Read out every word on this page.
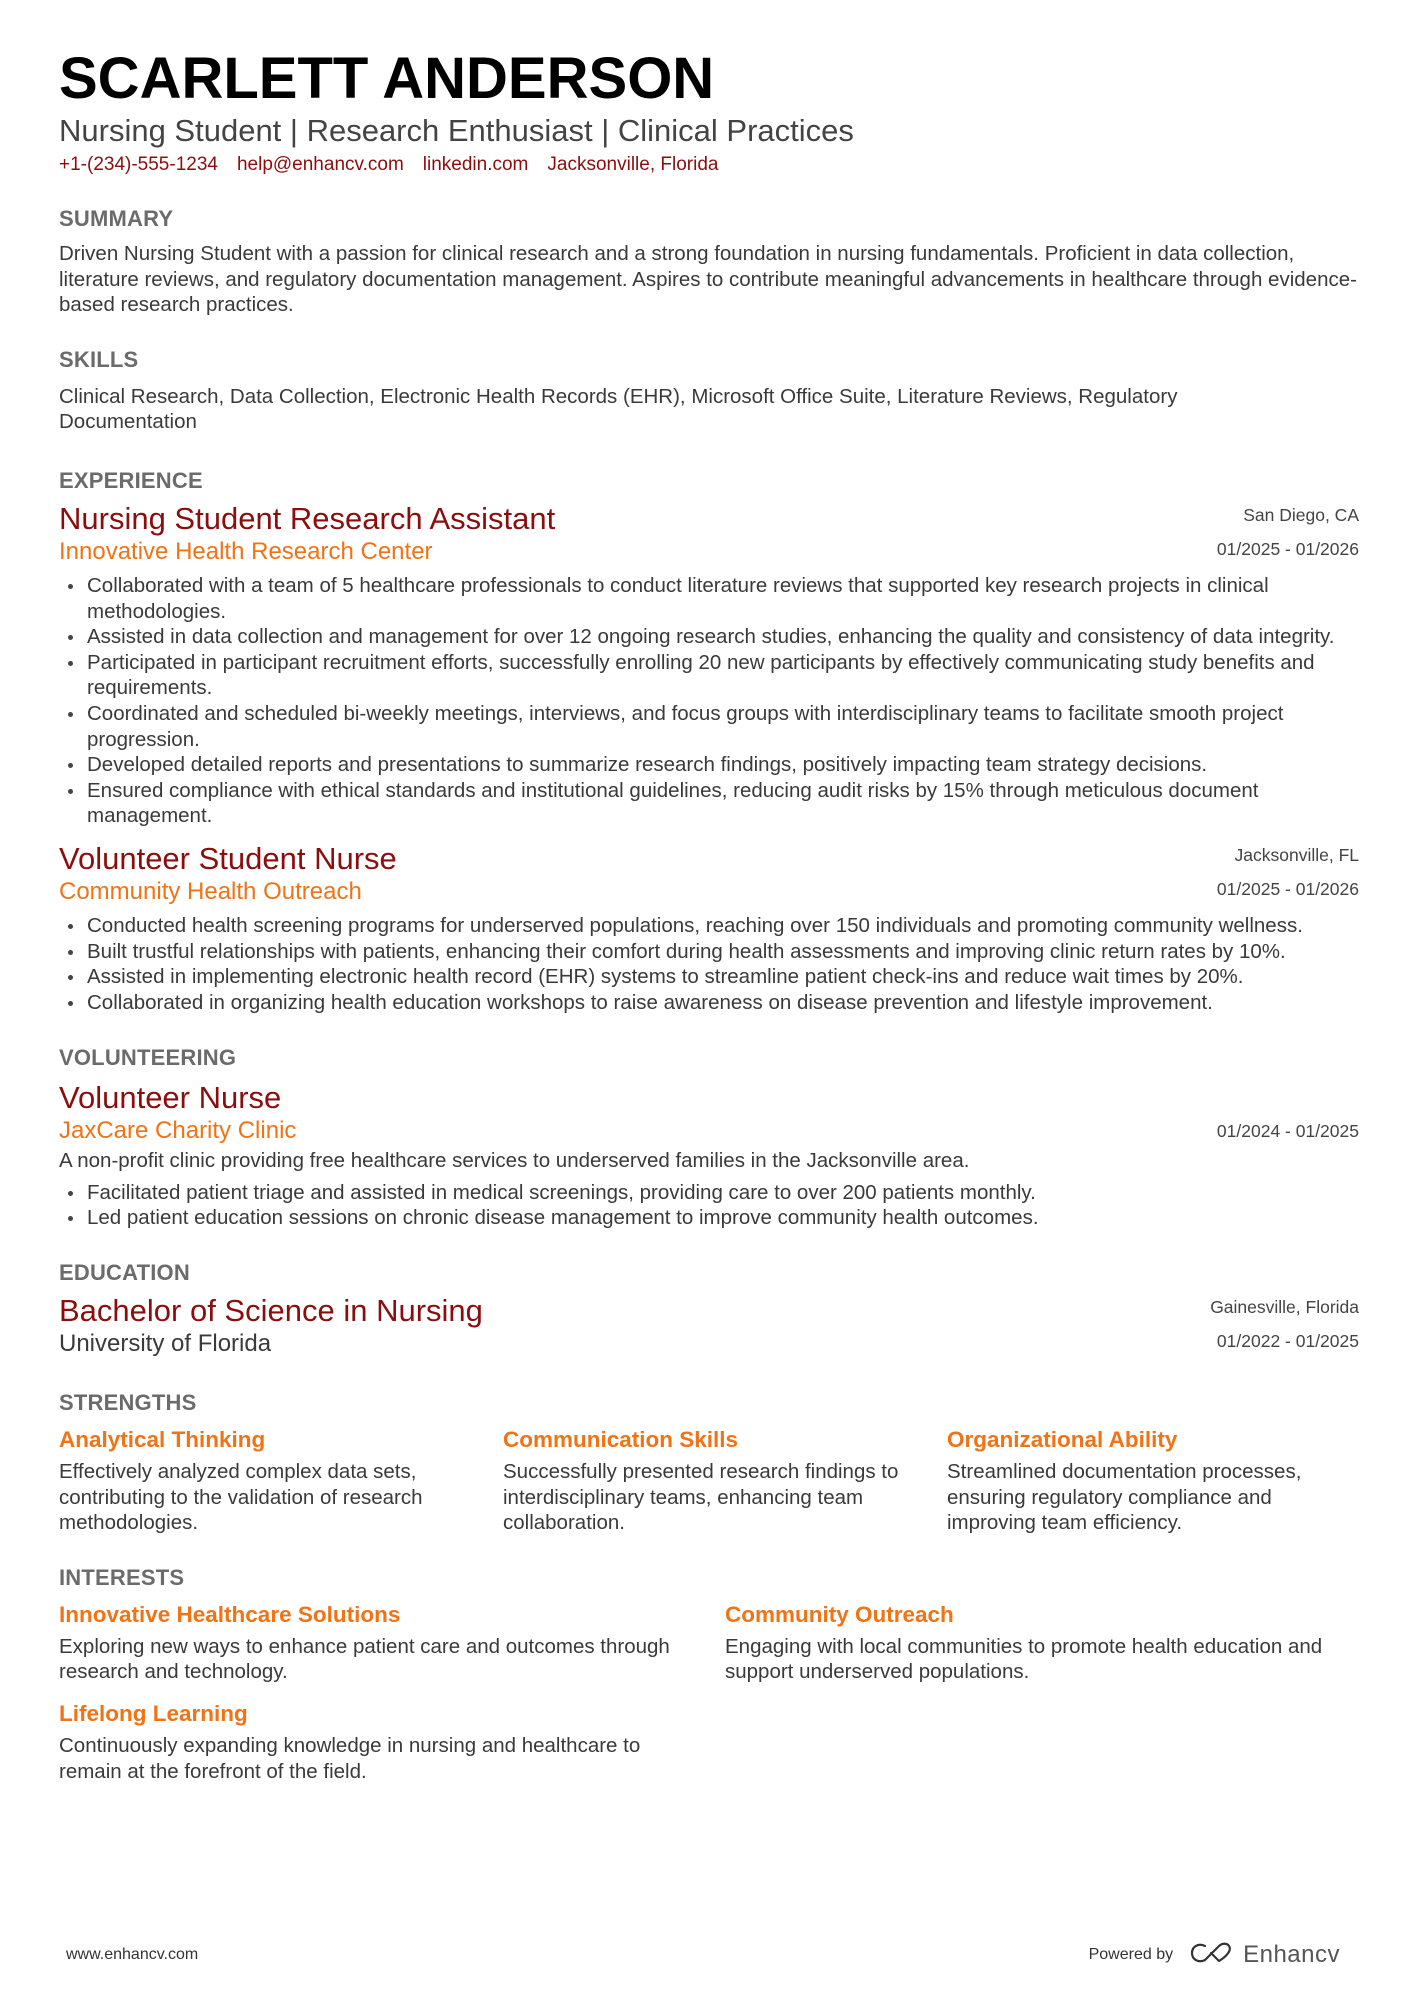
SCARLETT ANDERSON
Nursing Student | Research Enthusiast | Clinical Practices
+1-(234)-555-1234 help@enhancv.com linkedin.com Jacksonville, Florida
SUMMARY
Driven Nursing Student with a passion for clinical research and a strong foundation in nursing fundamentals. Proficient in data collection, literature reviews, and regulatory documentation management. Aspires to contribute meaningful advancements in healthcare through evidence-based research practices.
SKILLS
Clinical Research, Data Collection, Electronic Health Records (EHR), Microsoft Office Suite, Literature Reviews, Regulatory Documentation
EXPERIENCE
Nursing Student Research Assistant
Innovative Health Research Center
San Diego, CA
01/2025 - 01/2026
Collaborated with a team of 5 healthcare professionals to conduct literature reviews that supported key research projects in clinical methodologies.
Assisted in data collection and management for over 12 ongoing research studies, enhancing the quality and consistency of data integrity.
Participated in participant recruitment efforts, successfully enrolling 20 new participants by effectively communicating study benefits and requirements.
Coordinated and scheduled bi-weekly meetings, interviews, and focus groups with interdisciplinary teams to facilitate smooth project progression.
Developed detailed reports and presentations to summarize research findings, positively impacting team strategy decisions.
Ensured compliance with ethical standards and institutional guidelines, reducing audit risks by 15% through meticulous document management.
Volunteer Student Nurse
Community Health Outreach
Jacksonville, FL
01/2025 - 01/2026
Conducted health screening programs for underserved populations, reaching over 150 individuals and promoting community wellness.
Built trustful relationships with patients, enhancing their comfort during health assessments and improving clinic return rates by 10%.
Assisted in implementing electronic health record (EHR) systems to streamline patient check-ins and reduce wait times by 20%.
Collaborated in organizing health education workshops to raise awareness on disease prevention and lifestyle improvement.
VOLUNTEERING
Volunteer Nurse
JaxCare Charity Clinic	01/2024 - 01/2025
A non-profit clinic providing free healthcare services to underserved families in the Jacksonville area.
Facilitated patient triage and assisted in medical screenings, providing care to over 200 patients monthly.
Led patient education sessions on chronic disease management to improve community health outcomes.
EDUCATION
Bachelor of Science in Nursing
University of Florida
Gainesville, Florida
01/2022 - 01/2025
STRENGTHS
Analytical Thinking
Effectively analyzed complex data sets, contributing to the validation of research methodologies.
Communication Skills
Successfully presented research findings to interdisciplinary teams, enhancing team collaboration.
Organizational Ability
Streamlined documentation processes, ensuring regulatory compliance and improving team efficiency.
INTERESTS
Innovative Healthcare Solutions
Exploring new ways to enhance patient care and outcomes through research and technology.
Community Outreach
Engaging with local communities to promote health education and support underserved populations.
Lifelong Learning
Continuously expanding knowledge in nursing and healthcare to remain at the forefront of the field.
www.enhancv.com	Powered by	Enhancv
